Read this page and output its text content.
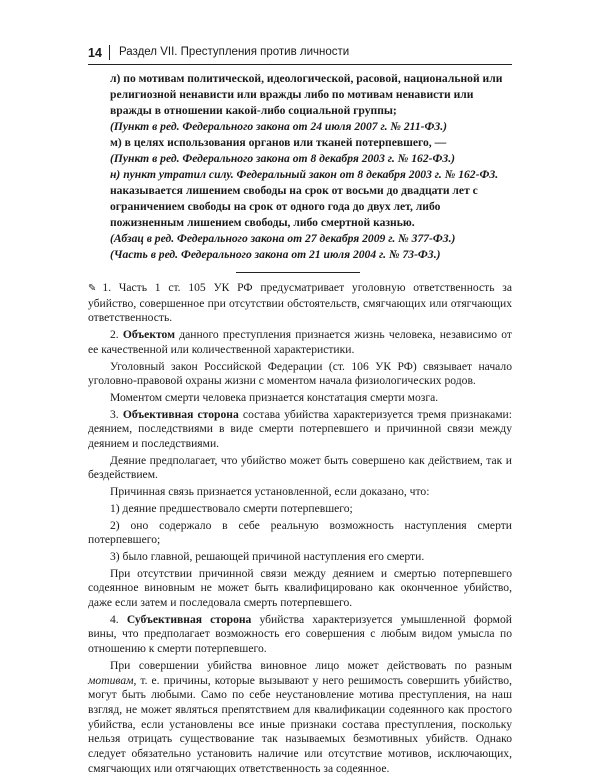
14 Раздел VII. Преступления против личности

л) по мотивам политической, идеологической, расовой, национальной или религиозной ненависти или вражды либо по мотивам ненависти или вражды в отношении какой-либо социальной группы;

(Пункт в ред. Федерального закона от 24 июля 2007 г. № 211-ФЗ.)

м) в целях использования органов или тканей потерпевшего, —

(Пункт в ред. Федерального закона от 8 декабря 2003 г. № 162-ФЗ.)

н) пункт утратил силу. Федеральный закон от 8 декабря 2003 г. № 162-ФЗ.

наказывается лишением свободы на срок от восьми до двадцати лет с ограничением свободы на срок от одного года до двух лет, либо пожизненным лишением свободы, либо смертной казнью.

(Абзац в ред. Федерального закона от 27 декабря 2009 г. № 377-ФЗ.)

(Часть в ред. Федерального закона от 21 июля 2004 г. № 73-ФЗ.)

✎ 1. Часть 1 ст. 105 УК РФ предусматривает уголовную ответственность за убийство, совершенное при отсутствии обстоятельств, смягчающих или отягчающих ответственность.

2. Объектом данного преступления признается жизнь человека, независимо от ее качественной или количественной характеристики.

Уголовный закон Российской Федерации (ст. 106 УК РФ) связывает начало уголовно-правовой охраны жизни с моментом начала физиологических родов.

Моментом смерти человека признается констатация смерти мозга.

3. Объективная сторона состава убийства характеризуется тремя признаками: деянием, последствиями в виде смерти потерпевшего и причинной связи между деянием и последствиями.

Деяние предполагает, что убийство может быть совершено как действием, так и бездействием.

Причинная связь признается установленной, если доказано, что:

1) деяние предшествовало смерти потерпевшего;

2) оно содержало в себе реальную возможность наступления смерти потерпевшего;

3) было главной, решающей причиной наступления его смерти.

При отсутствии причинной связи между деянием и смертью потерпевшего содеянное виновным не может быть квалифицировано как оконченное убийство, даже если затем и последовала смерть потерпевшего.

4. Субъективная сторона убийства характеризуется умышленной формой вины, что предполагает возможность его совершения с любым видом умысла по отношению к смерти потерпевшего.

При совершении убийства виновное лицо может действовать по разным мотивам, т. е. причины, которые вызывают у него решимость совершить убийство, могут быть любыми. Само по себе неустановление мотива преступления, на наш взгляд, не может являться препятствием для квалификации содеянного как простого убийства, если установлены все иные признаки состава преступления, поскольку нельзя отрицать существование так называемых безмотивных убийств. Однако следует обязательно установить наличие или отсутствие мотивов, исключающих, смягчающих или отягчающих ответственность за содеянное.
